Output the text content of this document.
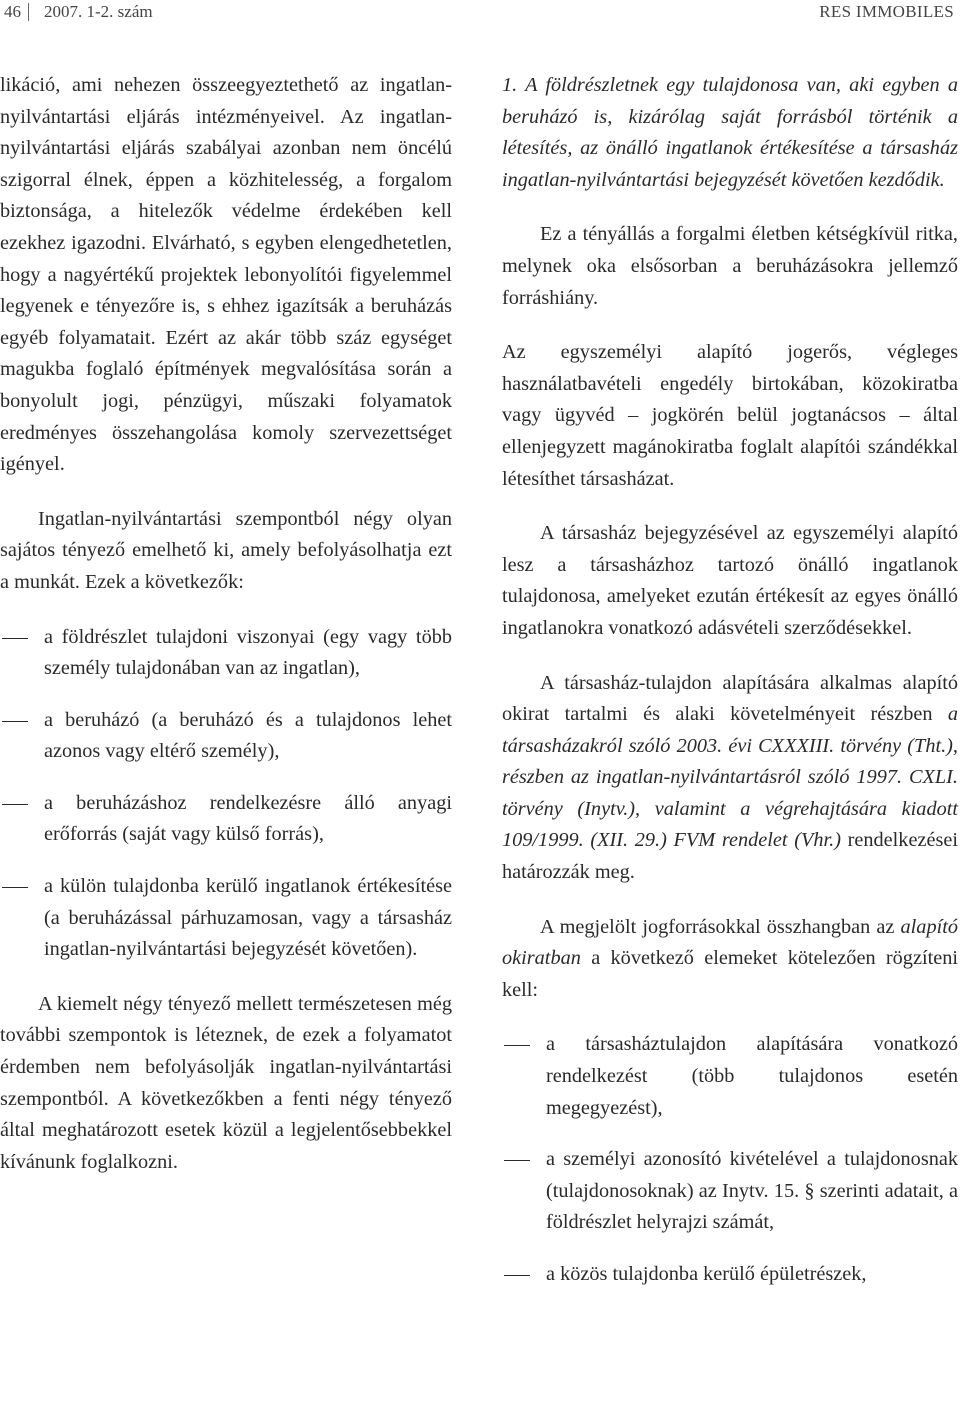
46 2007. 1-2. szám	RES IMMOBILES

likáció, ami nehezen összeegyeztethető az ingatlan-nyilvántartási eljárás intézményeivel. Az ingatlan-nyilvántartási eljárás szabályai azonban nem öncélú szigorral élnek, éppen a közhitelesség, a forgalom biztonsága, a hitelezők védelme érdekében kell ezekhez igazodni. Elvárható, s egyben elengedhetetlen, hogy a nagyértékű projektek lebonyolítói figyelemmel legyenek e tényezőre is, s ehhez igazítsák a beruházás egyéb folyamatait. Ezért az akár több száz egységet magukba foglaló építmények megvalósítása során a bonyolult jogi, pénzügyi, műszaki folyamatok eredményes összehangolása komoly szervezettséget igényel.

Ingatlan-nyilvántartási szempontból négy olyan sajátos tényező emelhető ki, amely befolyásolhatja ezt a munkát. Ezek a következők:

a földrészlet tulajdoni viszonyai (egy vagy több személy tulajdonában van az ingatlan),
a beruházó (a beruházó és a tulajdonos lehet azonos vagy eltérő személy),
a beruházáshoz rendelkezésre álló anyagi erőforrás (saját vagy külső forrás),
a külön tulajdonba kerülő ingatlanok értékesítése (a beruházással párhuzamosan, vagy a társasház ingatlan-nyilvántartási bejegyzését követően).

A kiemelt négy tényező mellett természetesen még további szempontok is léteznek, de ezek a folyamatot érdemben nem befolyásolják ingatlan-nyilvántartási szempontból. A következőkben a fenti négy tényező által meghatározott esetek közül a legjelentősebbekkel kívánunk foglalkozni.

1. A földrészletnek egy tulajdonosa van, aki egyben a beruházó is, kizárólag saját forrásból történik a létesítés, az önálló ingatlanok értékesítése a társasház ingatlan-nyilvántartási bejegyzését követően kezdődik.

Ez a tényállás a forgalmi életben kétségkívül ritka, melynek oka elsősorban a beruházásokra jellemző forráshiány.

Az egyszemélyi alapító jogerős, végleges használatbavételi engedély birtokában, közokiratba vagy ügyvéd – jogkörén belül jogtanácsos – által ellenjegyzett magánokiratba foglalt alapítói szándékkal létesíthet társasházat.

A társasház bejegyzésével az egyszemélyi alapító lesz a társasházhoz tartozó önálló ingatlanok tulajdonosa, amelyeket ezután értékesít az egyes önálló ingatlanokra vonatkozó adásvételi szerződésekkel.

A társasház-tulajdon alapítására alkalmas alapító okirat tartalmi és alaki követelményeit részben a társasházakról szóló 2003. évi CXXXIII. törvény (Tht.), részben az ingatlan-nyilvántartásról szóló 1997. CXLI. törvény (Inytv.), valamint a végrehajtására kiadott 109/1999. (XII. 29.) FVM rendelet (Vhr.) rendelkezései határozzák meg.

A megjelölt jogforrásokkal összhangban az alapító okiratban a következő elemeket kötelezően rögzíteni kell:

a társasháztulajdon alapítására vonatkozó rendelkezést (több tulajdonos esetén megegyezést),
a személyi azonosító kivételével a tulajdonosnak (tulajdonosoknak) az Inytv. 15. § szerinti adatait, a földrészlet helyrajzi számát,
a közös tulajdonba kerülő épületrészek,
